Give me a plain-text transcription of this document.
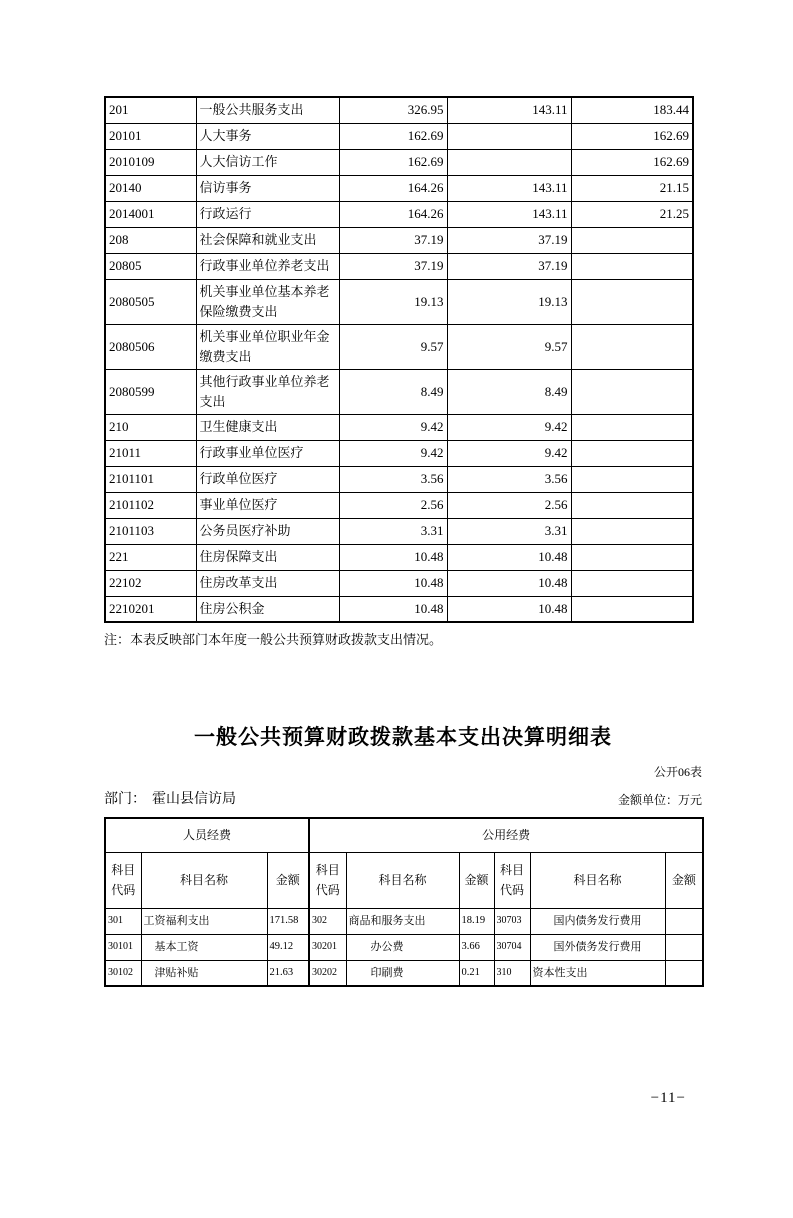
201	一般公共服务支出	326.95	143.11	183.44
20101	人大事务	162.69		162.69
2010109	人大信访工作	162.69		162.69
20140	信访事务	164.26	143.11	21.15
2014001	行政运行	164.26	143.11	21.25
208	社会保障和就业支出	37.19	37.19	
20805	行政事业单位养老支出	37.19	37.19	
2080505	机关事业单位基本养老保险缴费支出	19.13	19.13	
2080506	机关事业单位职业年金缴费支出	9.57	9.57	
2080599	其他行政事业单位养老支出	8.49	8.49	
210	卫生健康支出	9.42	9.42	
21011	行政事业单位医疗	9.42	9.42	
2101101	行政单位医疗	3.56	3.56	
2101102	事业单位医疗	2.56	2.56	
2101103	公务员医疗补助	3.31	3.31	
221	住房保障支出	10.48	10.48	
22102	住房改革支出	10.48	10.48	
2210201	住房公积金	10.48	10.48	
注：本表反映部门本年度一般公共预算财政拨款支出情况。
一般公共预算财政拨款基本支出决算明细表
公开06表
部门： 霍山县信访局	金额单位：万元
人员经费			公用经费					
科目代码	科目名称	金额	科目代码	科目名称	金额	科目代码	科目名称	金额
301	工资福利支出	171.58	302	商品和服务支出	18.19	30703	国内债务发行费用	
30101	基本工资	49.12	30201	办公费	3.66	30704	国外债务发行费用	
30102	津贴补贴	21.63	30202	印刷费	0.21	310	资本性支出	
−11−
